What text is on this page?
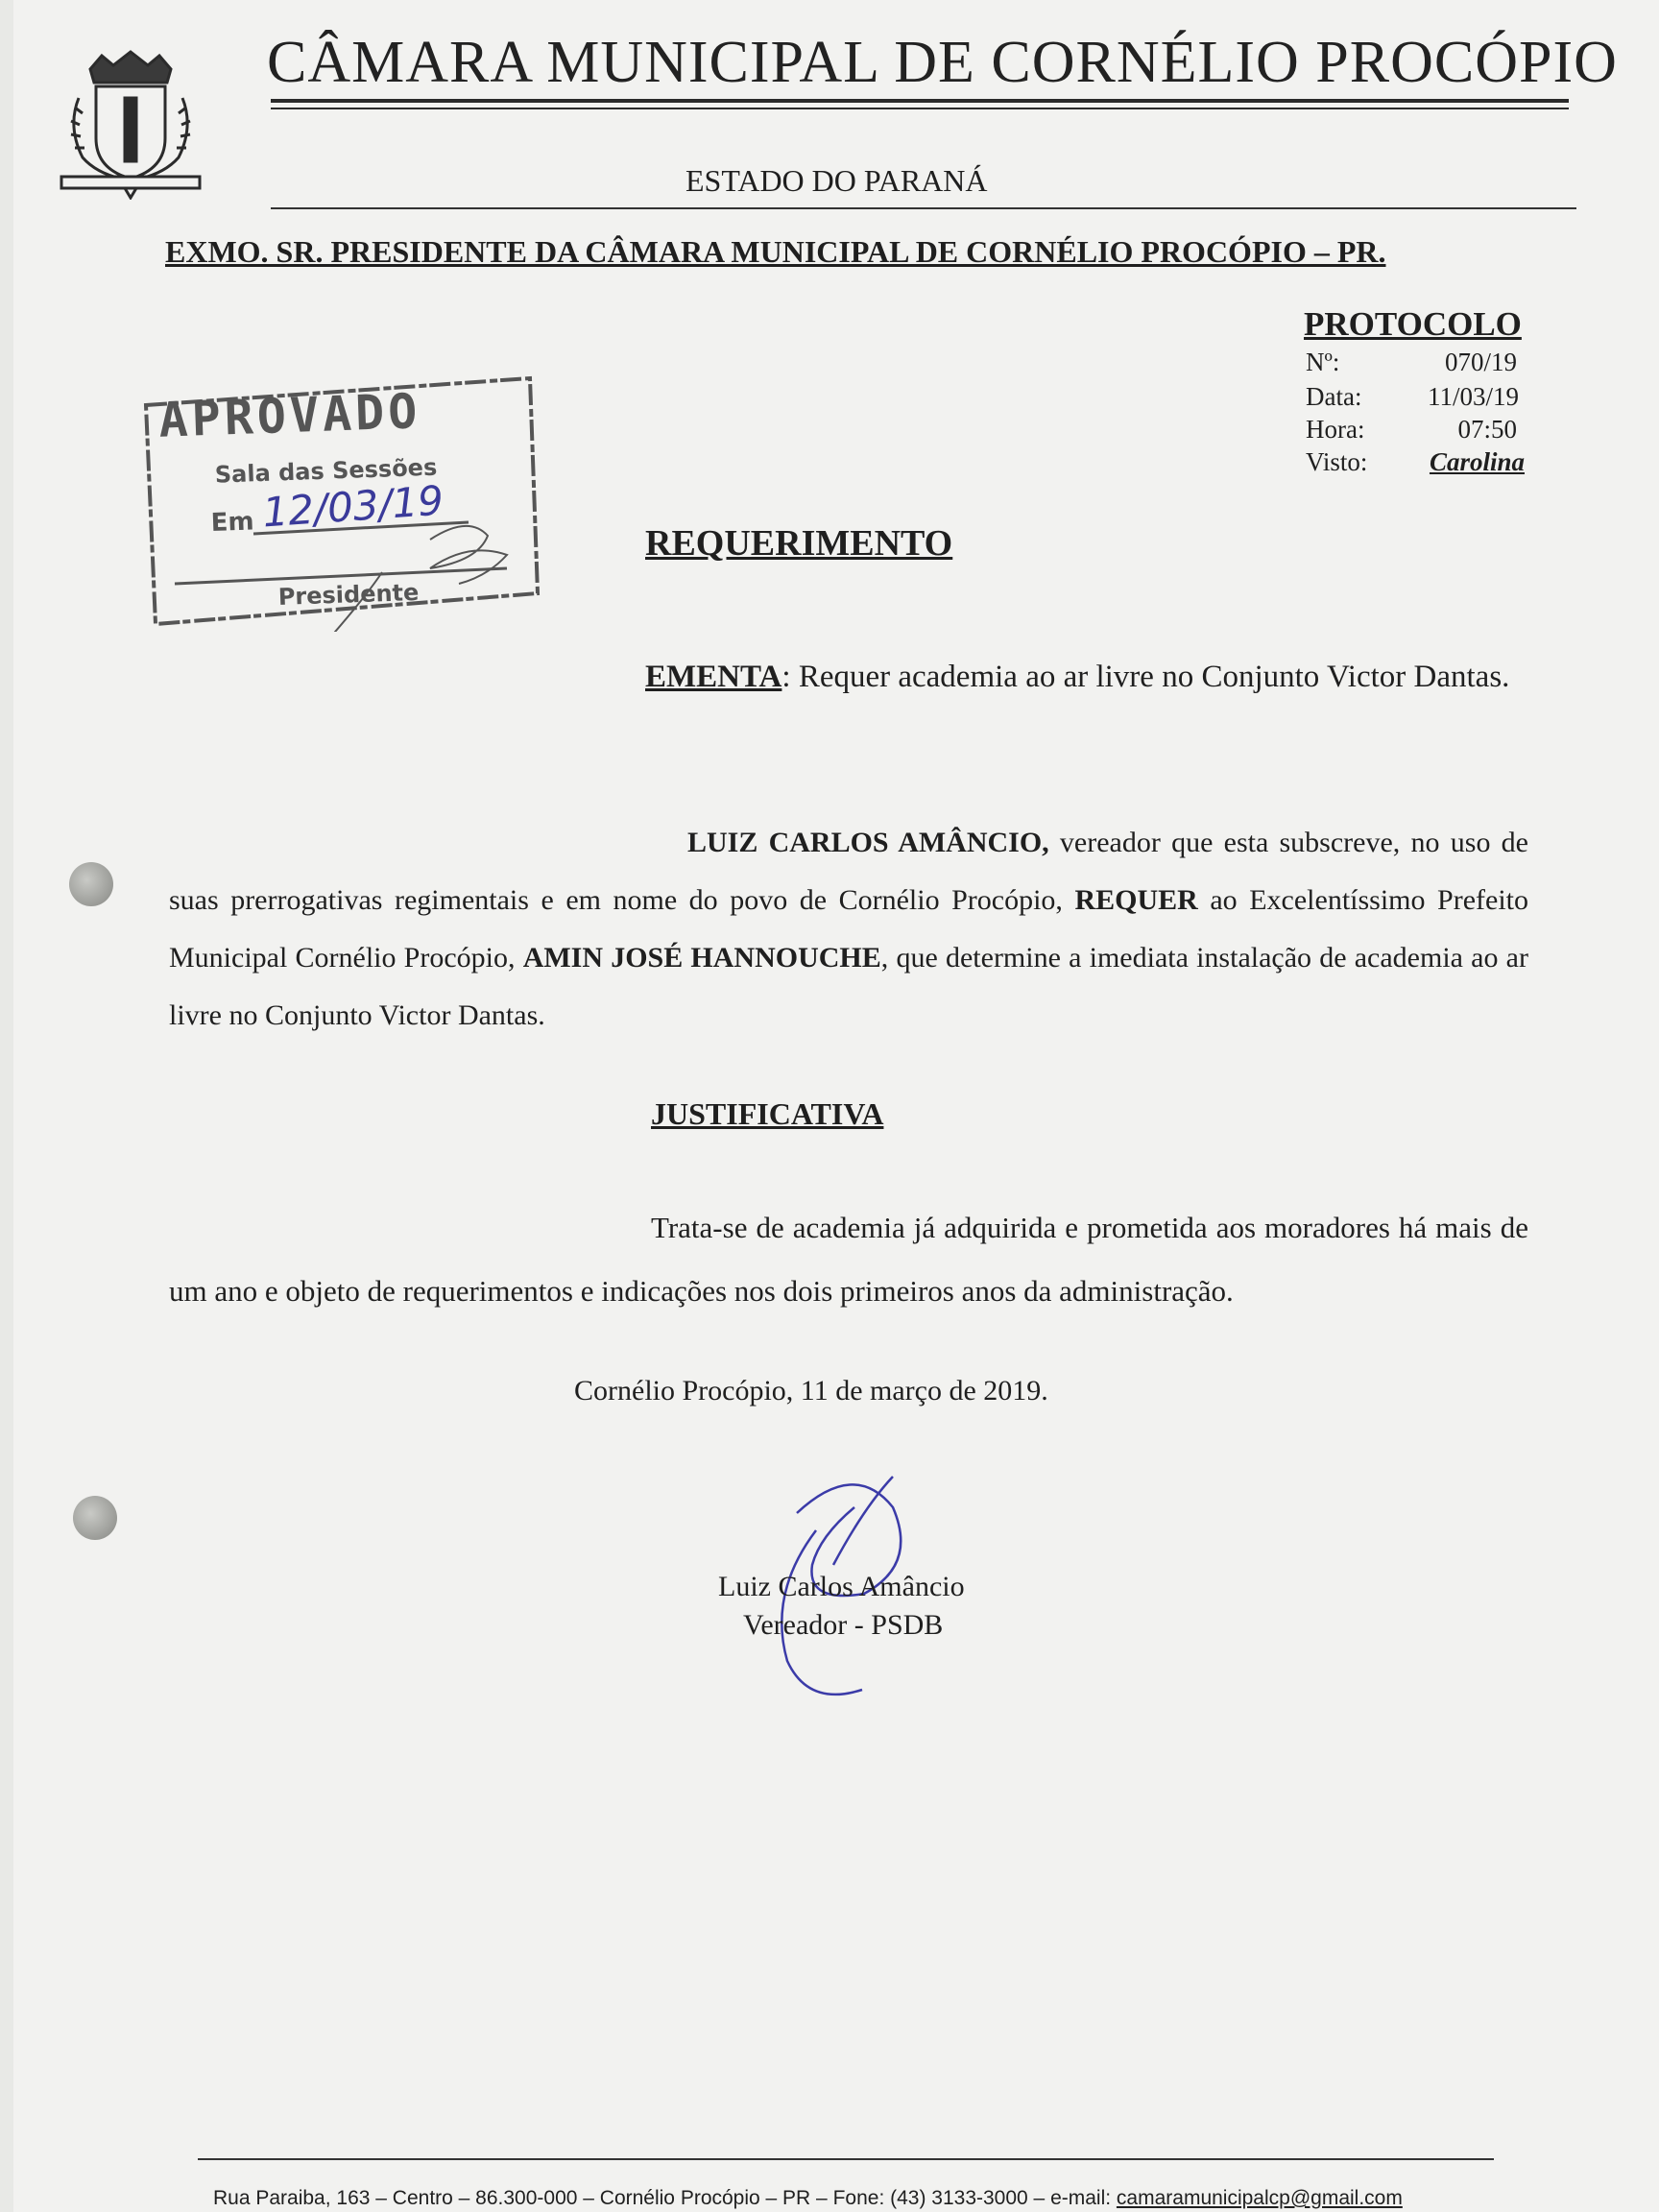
CÂMARA MUNICIPAL DE CORNÉLIO PROCÓPIO
ESTADO DO PARANÁ
EXMO. SR. PRESIDENTE DA CÂMARA MUNICIPAL DE CORNÉLIO PROCÓPIO – PR.
PROTOCOLO
Nº:	070/19
Data:	11/03/19
Hora:	07:50
Visto: Carolina
APROVADO
Sala das Sessões
Em 12/03/19
Presidente
REQUERIMENTO
EMENTA: Requer academia ao ar livre no Conjunto Victor Dantas.
LUIZ CARLOS AMÂNCIO, vereador que esta subscreve, no uso de suas prerrogativas regimentais e em nome do povo de Cornélio Procópio, REQUER ao Excelentíssimo Prefeito Municipal Cornélio Procópio, AMIN JOSÉ HANNOUCHE, que determine a imediata instalação de academia ao ar livre no Conjunto Victor Dantas.
JUSTIFICATIVA
Trata-se de academia já adquirida e prometida aos moradores há mais de um ano e objeto de requerimentos e indicações nos dois primeiros anos da administração.
Cornélio Procópio, 11 de março de 2019.
Luiz Carlos Amâncio
Vereador - PSDB
Rua Paraiba, 163 – Centro – 86.300-000 – Cornélio Procópio – PR – Fone: (43) 3133-3000 – e-mail: camaramunicipalcp@gmail.com
